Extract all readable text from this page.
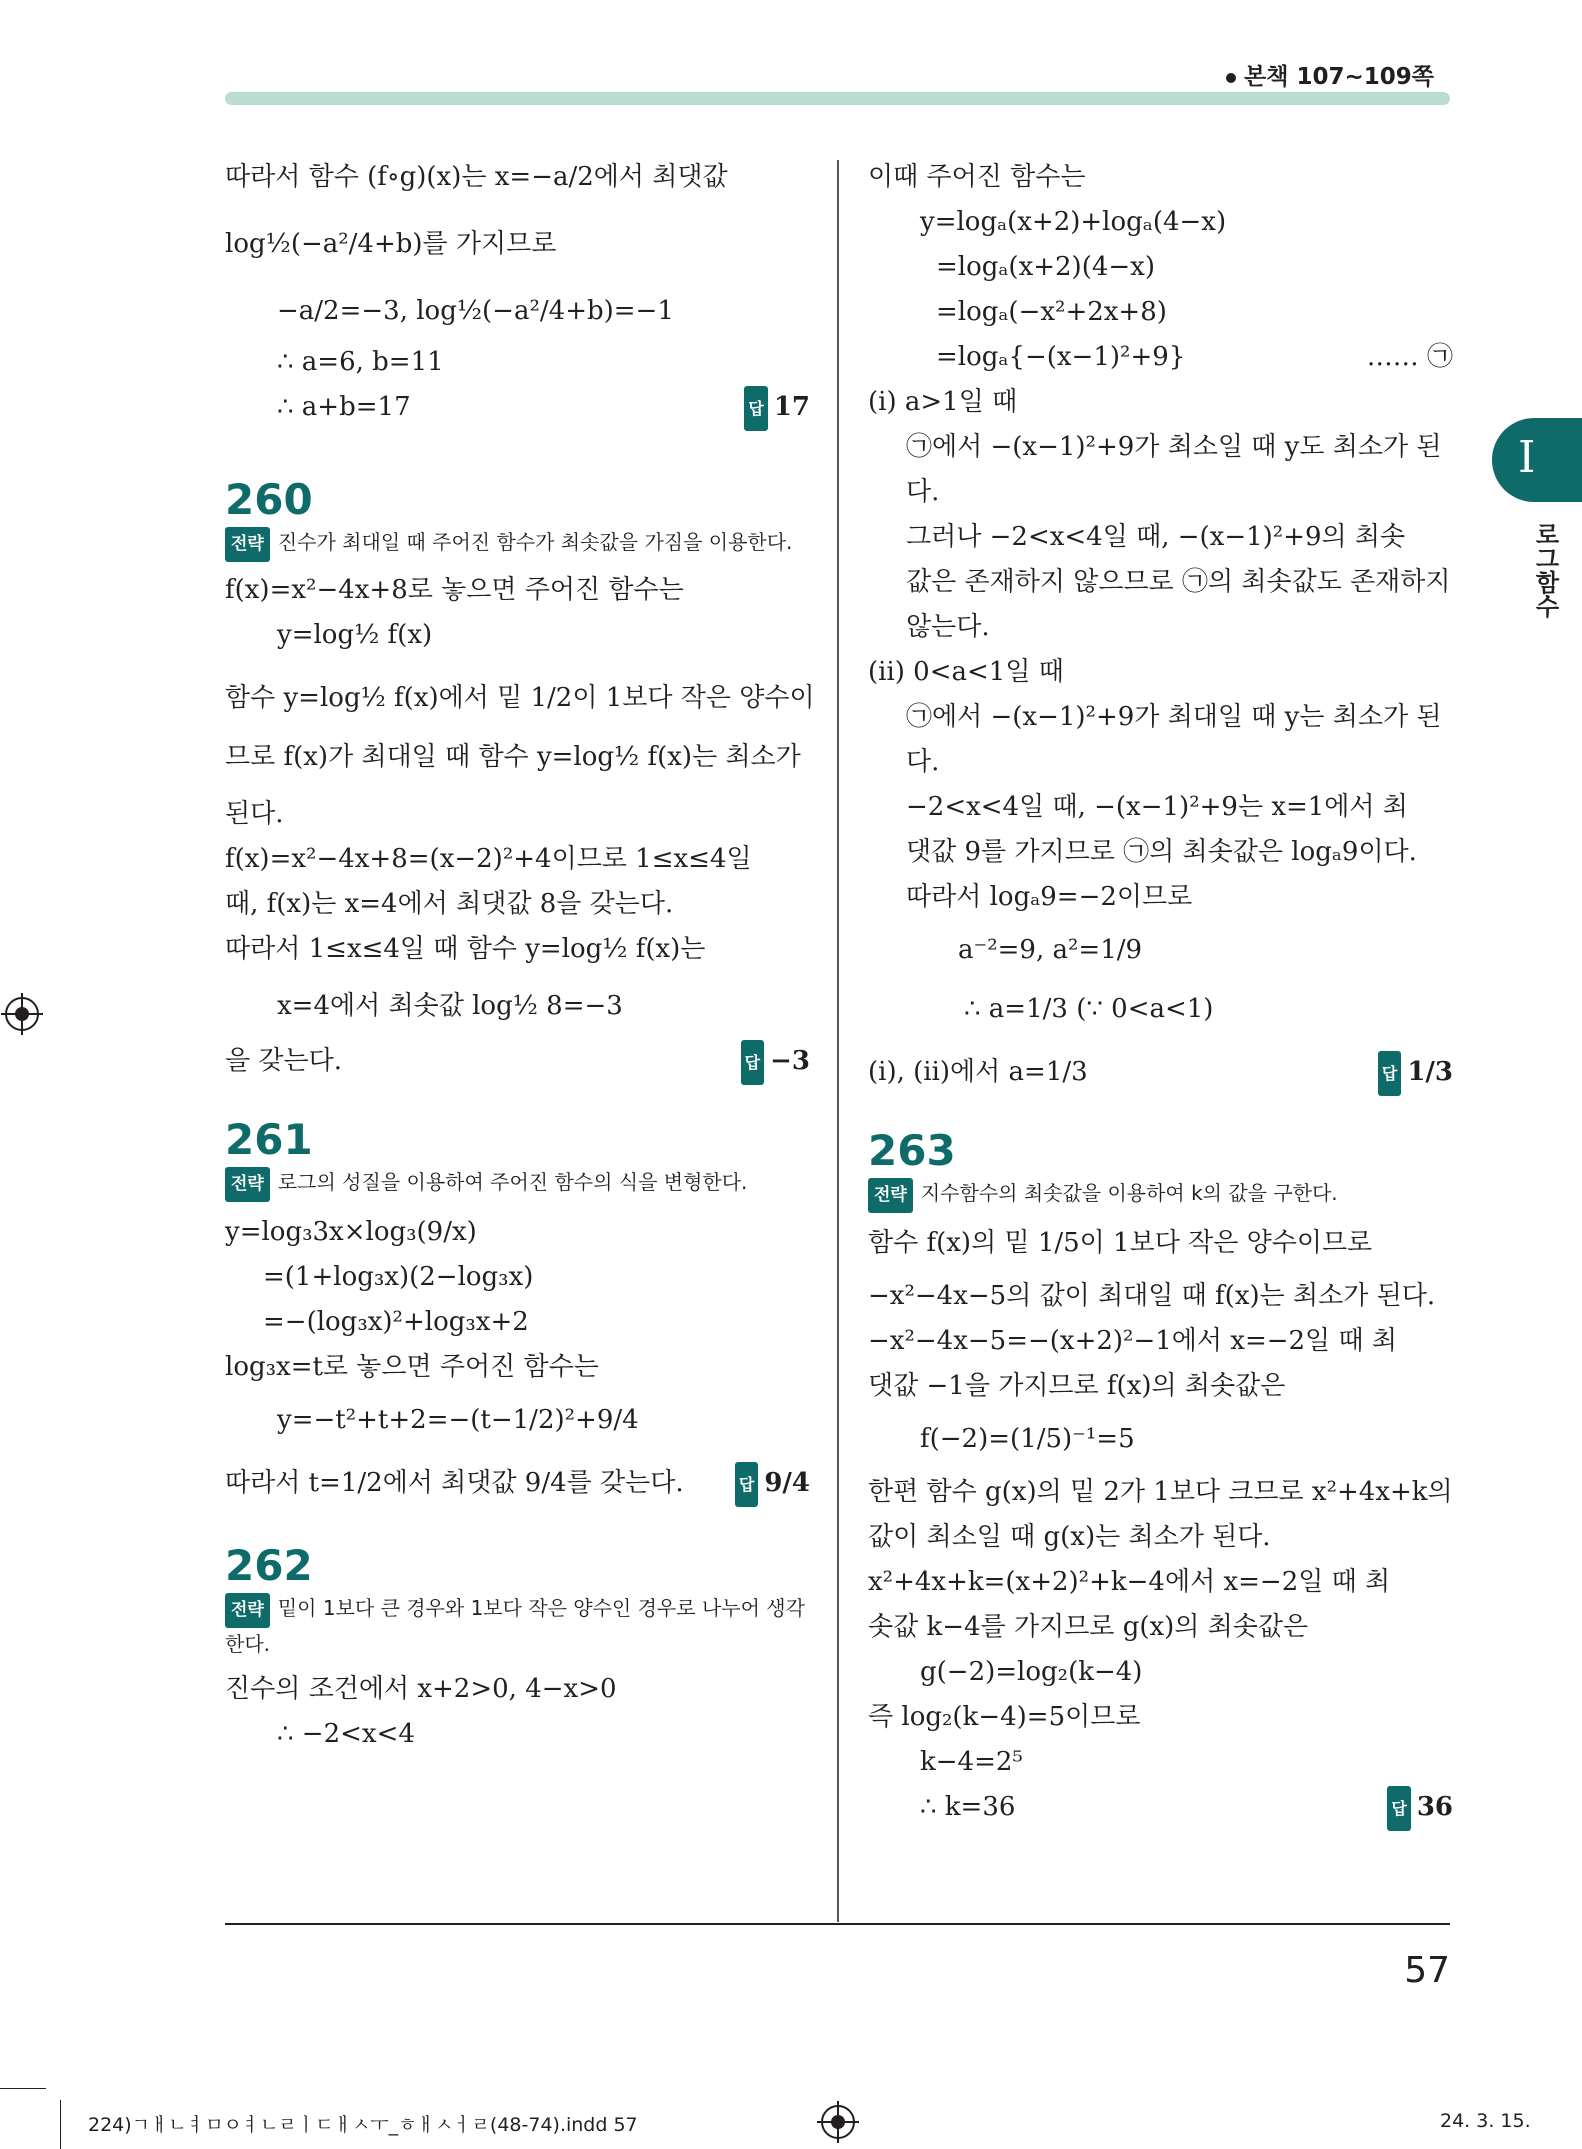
본책 107~109쪽
I
로그함수
따라서 함수 (f∘g)(x)는 x=−a/2에서 최댓값
log½(−a²/4+b)를 가지므로
−a/2=−3, log½(−a²/4+b)=−1
∴ a=6, b=11
∴ a+b=17	답 17
260
전략 진수가 최대일 때 주어진 함수가 최솟값을 가짐을 이용한다.
f(x)=x²−4x+8로 놓으면 주어진 함수는
y=log½ f(x)
함수 y=log½ f(x)에서 밑 1/2이 1보다 작은 양수이
므로 f(x)가 최대일 때 함수 y=log½ f(x)는 최소가
된다.
f(x)=x²−4x+8=(x−2)²+4이므로 1≤x≤4일
때, f(x)는 x=4에서 최댓값 8을 갖는다.
따라서 1≤x≤4일 때 함수 y=log½ f(x)는
x=4에서 최솟값 log½ 8=−3
을 갖는다.	답 −3
261
전략 로그의 성질을 이용하여 주어진 함수의 식을 변형한다.
y=log₃3x×log₃(9/x)
=(1+log₃x)(2−log₃x)
=−(log₃x)²+log₃x+2
log₃x=t로 놓으면 주어진 함수는
y=−t²+t+2=−(t−1/2)²+9/4
따라서 t=1/2에서 최댓값 9/4를 갖는다.	답 9/4
262
전략 밑이 1보다 큰 경우와 1보다 작은 양수인 경우로 나누어 생각한다.
진수의 조건에서 x+2>0, 4−x>0
∴ −2<x<4
이때 주어진 함수는
y=logₐ(x+2)+logₐ(4−x)
=logₐ(x+2)(4−x)
=logₐ(−x²+2x+8)
=logₐ{−(x−1)²+9}	…… ㉠
(ⅰ) a>1일 때
㉠에서 −(x−1)²+9가 최소일 때 y도 최소가 된
다.
그러나 −2<x<4일 때, −(x−1)²+9의 최솟
값은 존재하지 않으므로 ㉠의 최솟값도 존재하지
않는다.
(ⅱ) 0<a<1일 때
㉠에서 −(x−1)²+9가 최대일 때 y는 최소가 된
다.
−2<x<4일 때, −(x−1)²+9는 x=1에서 최
댓값 9를 가지므로 ㉠의 최솟값은 logₐ9이다.
따라서 logₐ9=−2이므로
a⁻²=9, a²=1/9
∴ a=1/3 (∵ 0<a<1)
(ⅰ), (ⅱ)에서 a=1/3	답 1/3
263
전략 지수함수의 최솟값을 이용하여 k의 값을 구한다.
함수 f(x)의 밑 1/5이 1보다 작은 양수이므로
−x²−4x−5의 값이 최대일 때 f(x)는 최소가 된다.
−x²−4x−5=−(x+2)²−1에서 x=−2일 때 최
댓값 −1을 가지므로 f(x)의 최솟값은
f(−2)=(1/5)⁻¹=5
한편 함수 g(x)의 밑 2가 1보다 크므로 x²+4x+k의
값이 최소일 때 g(x)는 최소가 된다.
x²+4x+k=(x+2)²+k−4에서 x=−2일 때 최
솟값 k−4를 가지므로 g(x)의 최솟값은
g(−2)=log₂(k−4)
즉 log₂(k−4)=5이므로
k−4=2⁵
∴ k=36	답 36
57
224)ㄱㅐㄴㅕㅁㅇㅕㄴㄹㅣㄷㅐㅅㅜ_ㅎㅐㅅㅓㄹ(48-74).indd 57	24. 3. 15.
